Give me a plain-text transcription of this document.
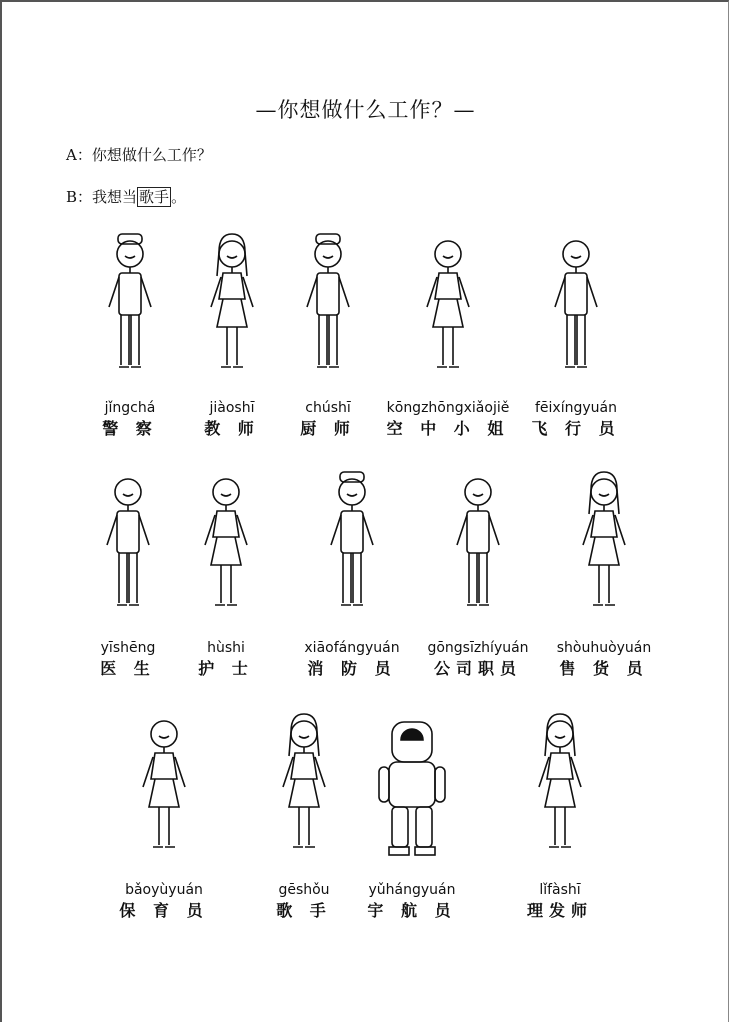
—你想做什么工作？—
A：你想做什么工作？
B：我想当 歌手 。
jǐngchá
警 察
jiàoshī
教 师
chúshī
厨 师
kōngzhōngxiǎojiě
空 中 小 姐
fēixíngyuán
飞 行 员
yīshēng
医 生
hùshi
护 士
xiāofángyuán
消 防 员
gōngsīzhíyuán
公司职员
shòuhuòyuán
售 货 员
bǎoyùyuán
保 育 员
gēshǒu
歌 手
yǔhángyuán
宇 航 员
lǐfàshī
理发师
